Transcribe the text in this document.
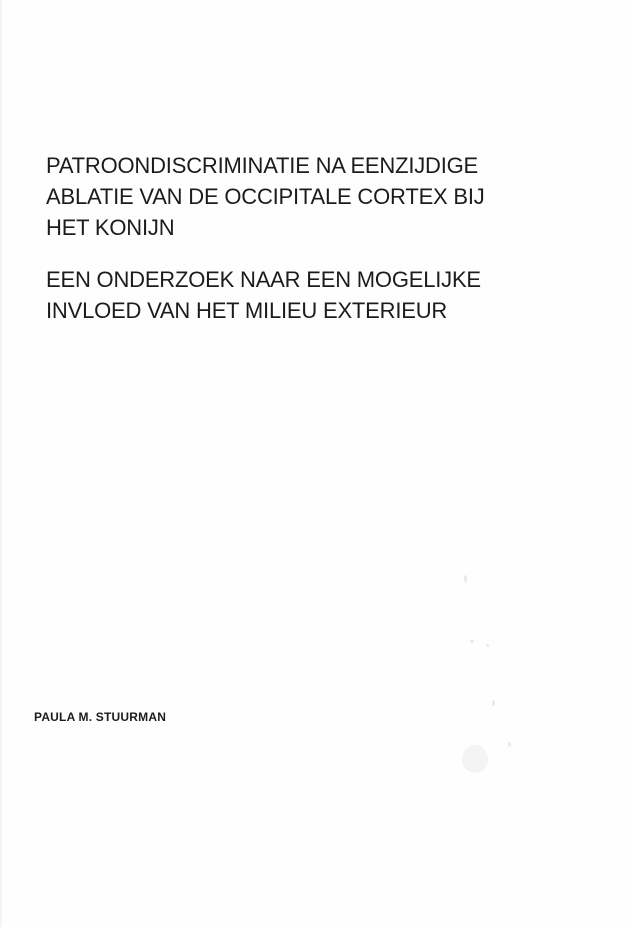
PATROONDISCRIMINATIE NA EENZIJDIGE
ABLATIE VAN DE OCCIPITALE CORTEX BIJ
HET KONIJN
EEN ONDERZOEK NAAR EEN MOGELIJKE
INVLOED VAN HET MILIEU EXTERIEUR
PAULA M. STUURMAN
